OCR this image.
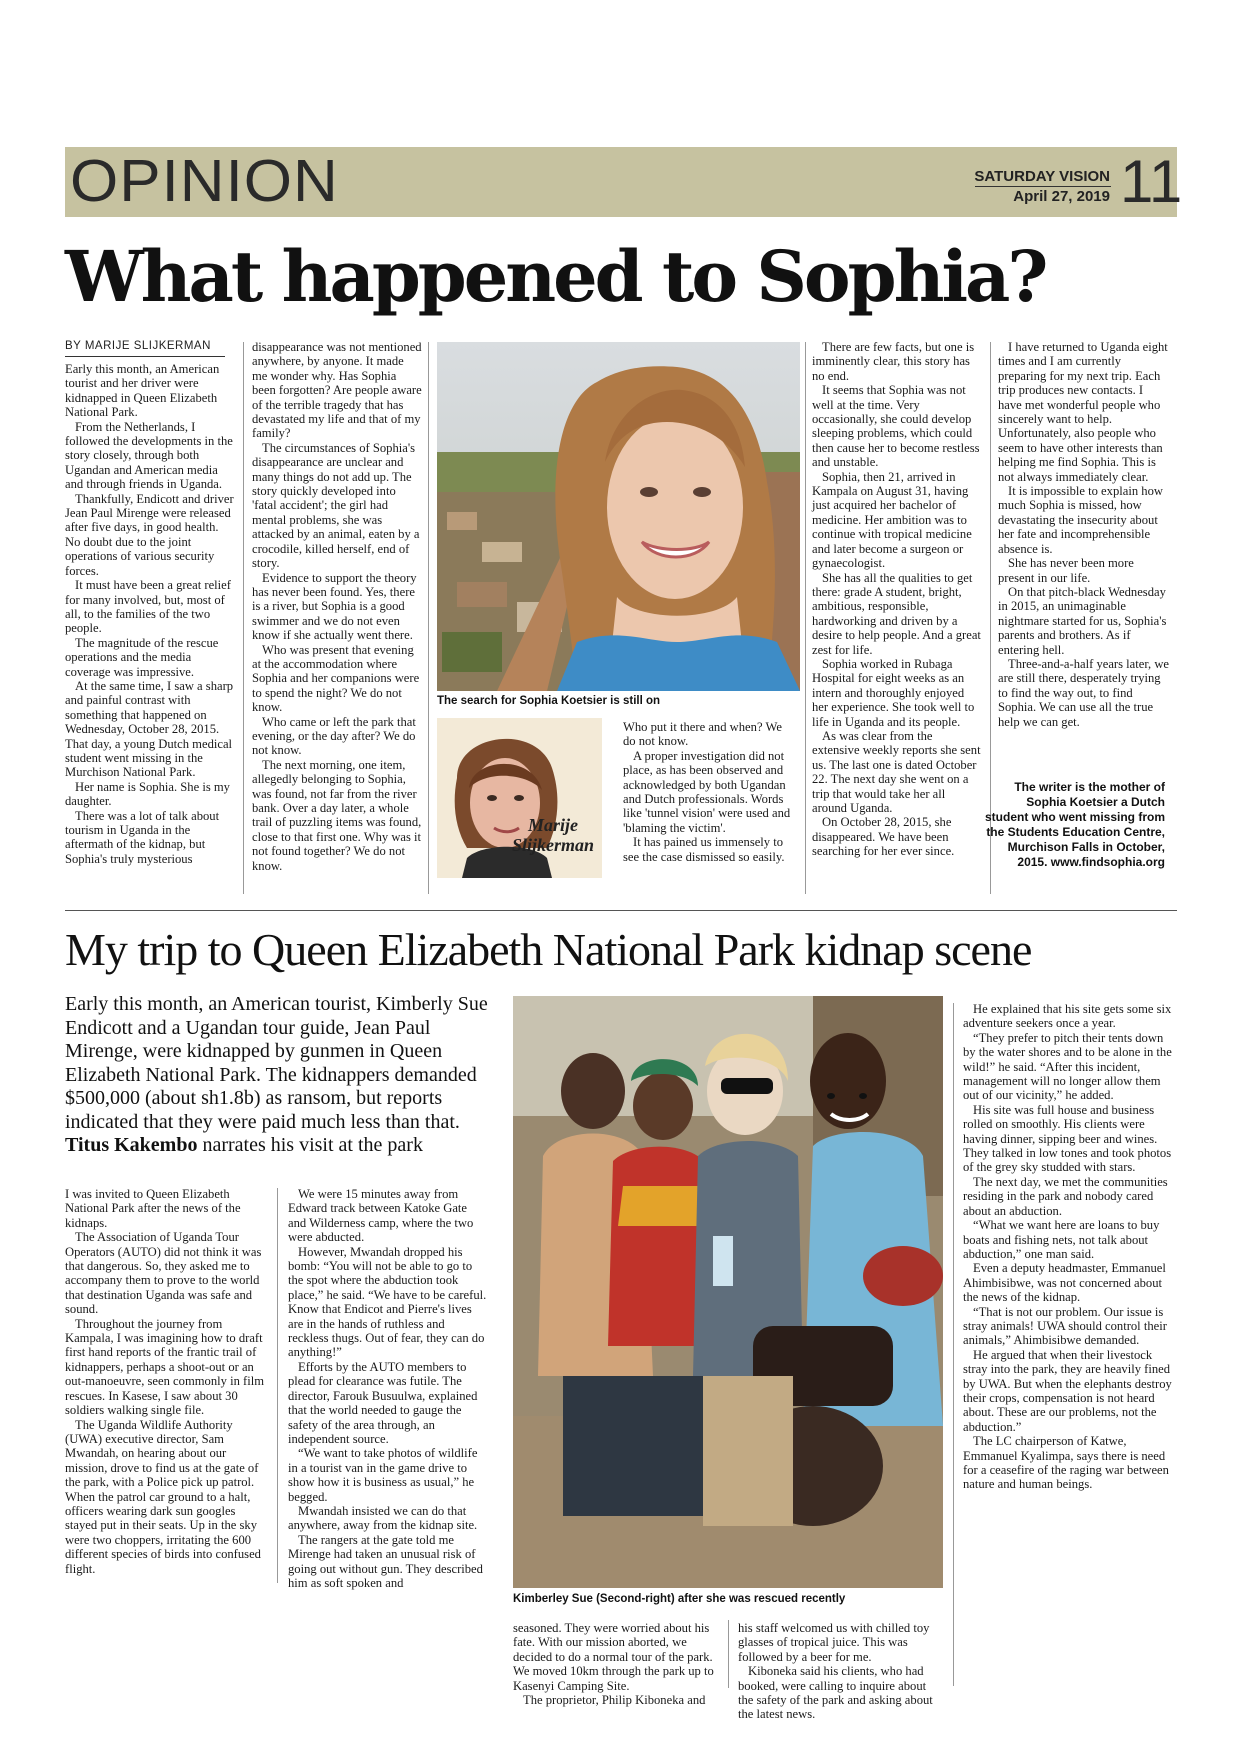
OPINION	SATURDAY VISION
April 27, 2019 11
What happened to Sophia?
BY MARIJE SLIJKERMAN

Early this month, an American tourist and her driver were kidnapped in Queen Elizabeth National Park.

From the Netherlands, I followed the developments in the story closely, through both Ugandan and American media and through friends in Uganda.

Thankfully, Endicott and driver Jean Paul Mirenge were released after five days, in good health. No doubt due to the joint operations of various security forces.

It must have been a great relief for many involved, but, most of all, to the families of the two people.

The magnitude of the rescue operations and the media coverage was impressive.

At the same time, I saw a sharp and painful contrast with something that happened on Wednesday, October 28, 2015. That day, a young Dutch medical student went missing in the Murchison National Park.

Her name is Sophia. She is my daughter.

There was a lot of talk about tourism in Uganda in the aftermath of the kidnap, but Sophia's truly mysterious

disappearance was not mentioned anywhere, by anyone. It made me wonder why. Has Sophia been forgotten? Are people aware of the terrible tragedy that has devastated my life and that of my family?

The circumstances of Sophia's disappearance are unclear and many things do not add up. The story quickly developed into 'fatal accident'; the girl had mental problems, she was attacked by an animal, eaten by a crocodile, killed herself, end of story.

Evidence to support the theory has never been found. Yes, there is a river, but Sophia is a good swimmer and we do not even know if she actually went there.

Who was present that evening at the accommodation where Sophia and her companions were to spend the night? We do not know.

Who came or left the park that evening, or the day after? We do not know.

The next morning, one item, allegedly belonging to Sophia, was found, not far from the river bank. Over a day later, a whole trail of puzzling items was found, close to that first one. Why was it not found together? We do not know.

The search for Sophia Koetsier is still on
Marije
Slijkerman

Who put it there and when? We do not know.

A proper investigation did not place, as has been observed and acknowledged by both Ugandan and Dutch professionals. Words like 'tunnel vision' were used and 'blaming the victim'.

It has pained us immensely to see the case dismissed so easily.

There are few facts, but one is imminently clear, this story has no end.

It seems that Sophia was not well at the time. Very occasionally, she could develop sleeping problems, which could then cause her to become restless and unstable.

Sophia, then 21, arrived in Kampala on August 31, having just acquired her bachelor of medicine. Her ambition was to continue with tropical medicine and later become a surgeon or gynaecologist.

She has all the qualities to get there: grade A student, bright, ambitious, responsible, hardworking and driven by a desire to help people. And a great zest for life.

Sophia worked in Rubaga Hospital for eight weeks as an intern and thoroughly enjoyed her experience. She took well to life in Uganda and its people.

As was clear from the extensive weekly reports she sent us. The last one is dated October 22. The next day she went on a trip that would take her all around Uganda.

On October 28, 2015, she disappeared. We have been searching for her ever since.

I have returned to Uganda eight times and I am currently preparing for my next trip. Each trip produces new contacts. I have met wonderful people who sincerely want to help. Unfortunately, also people who seem to have other interests than helping me find Sophia. This is not always immediately clear.

It is impossible to explain how much Sophia is missed, how devastating the insecurity about her fate and incomprehensible absence is.

She has never been more present in our life.

On that pitch-black Wednesday in 2015, an unimaginable nightmare started for us, Sophia's parents and brothers. As if entering hell.

Three-and-a-half years later, we are still there, desperately trying to find the way out, to find Sophia. We can use all the true help we can get.

The writer is the mother of Sophia Koetsier a Dutch student who went missing from the Students Education Centre, Murchison Falls in October, 2015. www.findsophia.org
My trip to Queen Elizabeth National Park kidnap scene
Early this month, an American tourist, Kimberly Sue Endicott and a Ugandan tour guide, Jean Paul Mirenge, were kidnapped by gunmen in Queen Elizabeth National Park. The kidnappers demanded $500,000 (about sh1.8b) as ransom, but reports indicated that they were paid much less than that. Titus Kakembo narrates his visit at the park

I was invited to Queen Elizabeth National Park after the news of the kidnaps.

The Association of Uganda Tour Operators (AUTO) did not think it was that dangerous. So, they asked me to accompany them to prove to the world that destination Uganda was safe and sound.

Throughout the journey from Kampala, I was imagining how to draft first hand reports of the frantic trail of kidnappers, perhaps a shoot-out or an out-manoeuvre, seen commonly in film rescues. In Kasese, I saw about 30 soldiers walking single file.

The Uganda Wildlife Authority (UWA) executive director, Sam Mwandah, on hearing about our mission, drove to find us at the gate of the park, with a Police pick up patrol. When the patrol car ground to a halt, officers wearing dark sun googles stayed put in their seats. Up in the sky were two choppers, irritating the 600 different species of birds into confused flight.

We were 15 minutes away from Edward track between Katoke Gate and Wilderness camp, where the two were abducted.

However, Mwandah dropped his bomb: “You will not be able to go to the spot where the abduction took place,” he said. “We have to be careful. Know that Endicot and Pierre's lives are in the hands of ruthless and reckless thugs. Out of fear, they can do anything!”

Efforts by the AUTO members to plead for clearance was futile. The director, Farouk Busuulwa, explained that the world needed to gauge the safety of the area through, an independent source.

“We want to take photos of wildlife in a tourist van in the game drive to show how it is business as usual,” he begged.

Mwandah insisted we can do that anywhere, away from the kidnap site.

The rangers at the gate told me Mirenge had taken an unusual risk of going out without gun. They described him as soft spoken and

Kimberley Sue (Second-right) after she was rescued recently

seasoned. They were worried about his fate. With our mission aborted, we decided to do a normal tour of the park. We moved 10km through the park up to Kasenyi Camping Site.

The proprietor, Philip Kiboneka and

his staff welcomed us with chilled toy glasses of tropical juice. This was followed by a beer for me.

Kiboneka said his clients, who had booked, were calling to inquire about the safety of the park and asking about the latest news.

He explained that his site gets some six adventure seekers once a year.

“They prefer to pitch their tents down by the water shores and to be alone in the wild!” he said. “After this incident, management will no longer allow them out of our vicinity,” he added.

His site was full house and business rolled on smoothly. His clients were having dinner, sipping beer and wines. They talked in low tones and took photos of the grey sky studded with stars.

The next day, we met the communities residing in the park and nobody cared about an abduction.

“What we want here are loans to buy boats and fishing nets, not talk about abduction,” one man said.

Even a deputy headmaster, Emmanuel Ahimbisibwe, was not concerned about the news of the kidnap.

“That is not our problem. Our issue is stray animals! UWA should control their animals,” Ahimbisibwe demanded.

He argued that when their livestock stray into the park, they are heavily fined by UWA. But when the elephants destroy their crops, compensation is not heard about. These are our problems, not the abduction.”

The LC chairperson of Katwe, Emmanuel Kyalimpa, says there is need for a ceasefire of the raging war between nature and human beings.
